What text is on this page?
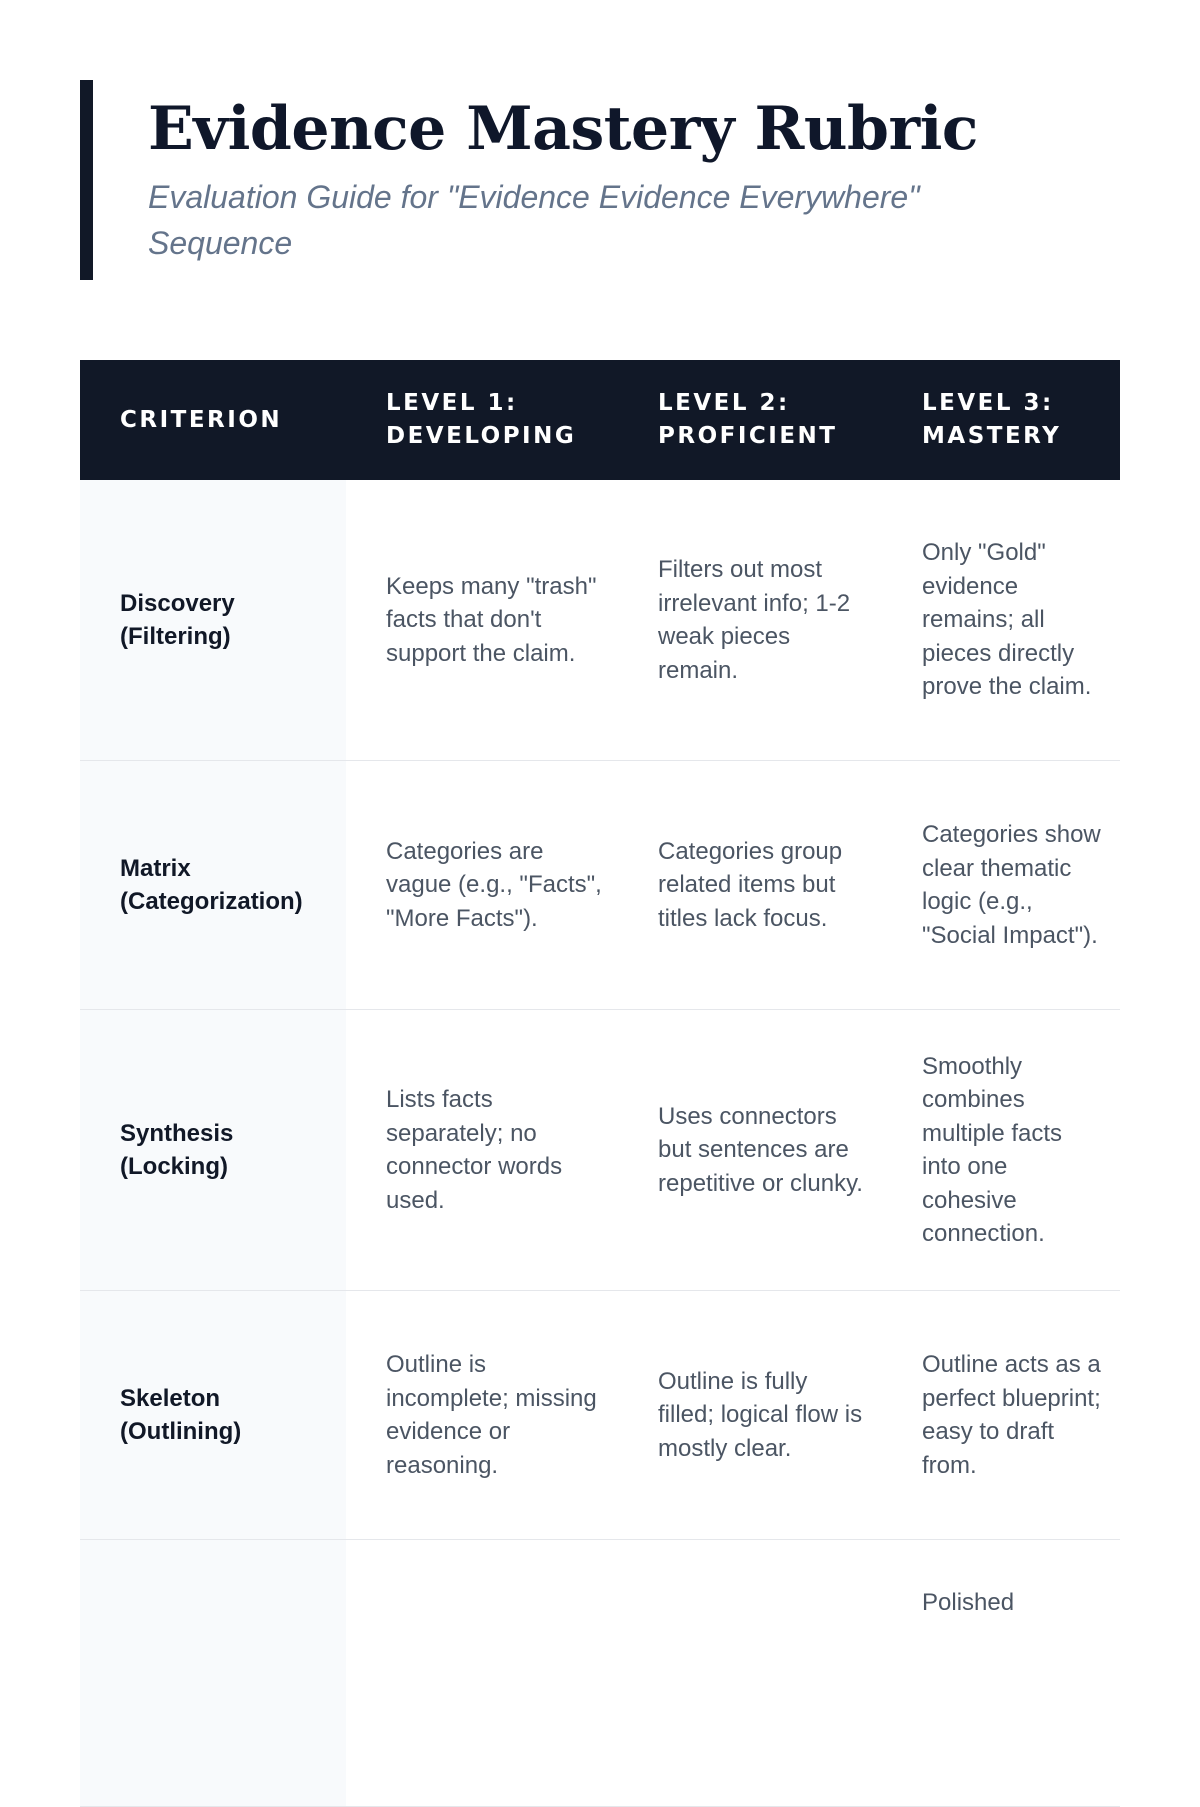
Evidence Mastery Rubric

Evaluation Guide for "Evidence Evidence Everywhere" Sequence

CRITERION	LEVEL 1: DEVELOPING	LEVEL 2: PROFICIENT	LEVEL 3: MASTERY
Discovery (Filtering)	Keeps many "trash" facts that don't support the claim.	Filters out most irrelevant info; 1-2 weak pieces remain.	Only "Gold" evidence remains; all pieces directly prove the claim.
Matrix (Categorization)	Categories are vague (e.g., "Facts", "More Facts").	Categories group related items but titles lack focus.	Categories show clear thematic logic (e.g., "Social Impact").
Synthesis (Locking)	Lists facts separately; no connector words used.	Uses connectors but sentences are repetitive or clunky.	Smoothly combines multiple facts into one cohesive connection.
Skeleton (Outlining)	Outline is incomplete; missing evidence or reasoning.	Outline is fully filled; logical flow is mostly clear.	Outline acts as a perfect blueprint; easy to draft from.
			Polished
